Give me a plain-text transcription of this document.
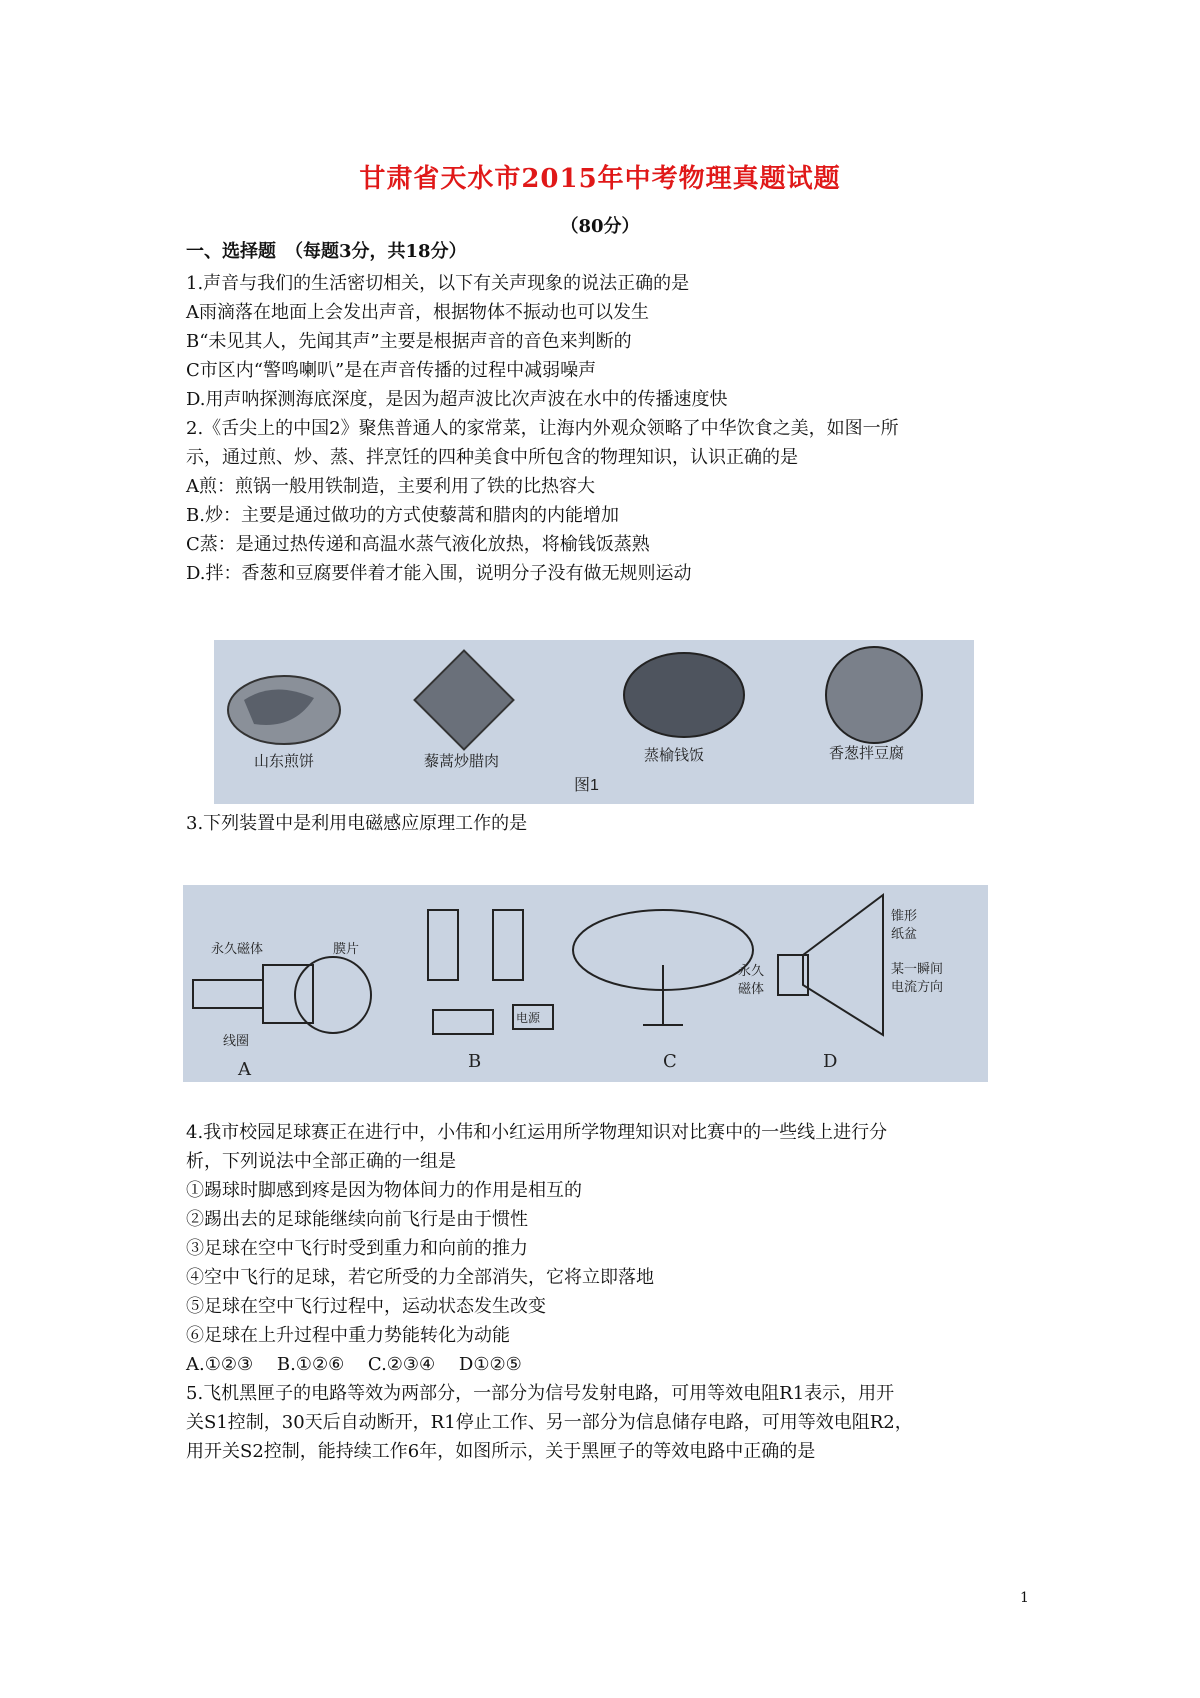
甘肃省天水市2015年中考物理真题试题
（80分）
一、选择题　（每题3分，共18分）
1.声音与我们的生活密切相关，以下有关声现象的说法正确的是
A雨滴落在地面上会发出声音，根据物体不振动也可以发生
B“未见其人，先闻其声”主要是根据声音的音色来判断的
C市区内“警鸣喇叭”是在声音传播的过程中减弱噪声
D.用声呐探测海底深度，是因为超声波比次声波在水中的传播速度快
2.《舌尖上的中国2》聚焦普通人的家常菜，让海内外观众领略了中华饮食之美，如图一所
示，通过煎、炒、蒸、拌烹饪的四种美食中所包含的物理知识，认识正确的是
A煎：煎锅一般用铁制造，主要利用了铁的比热容大
B.炒：主要是通过做功的方式使藜蒿和腊肉的内能增加
C蒸：是通过热传递和高温水蒸气液化放热，将榆钱饭蒸熟
D.拌：香葱和豆腐要伴着才能入围，说明分子没有做无规则运动
山东煎饼	藜蒿炒腊肉	蒸榆钱饭	香葱拌豆腐
图1
3.下列装置中是利用电磁感应原理工作的是
永久磁体	膜片
线圈
A
电源
B	C
锥形纸盆
永久磁体
某一瞬间电流方向
D
4.我市校园足球赛正在进行中，小伟和小红运用所学物理知识对比赛中的一些线上进行分
析，下列说法中全部正确的一组是
①踢球时脚感到疼是因为物体间力的作用是相互的
②踢出去的足球能继续向前飞行是由于惯性
③足球在空中飞行时受到重力和向前的推力
④空中飞行的足球，若它所受的力全部消失，它将立即落地
⑤足球在空中飞行过程中，运动状态发生改变
⑥足球在上升过程中重力势能转化为动能
A.①②③　 B.①②⑥　 C.②③④　 D①②⑤
5.飞机黑匣子的电路等效为两部分，一部分为信号发射电路，可用等效电阻R1表示，用开
关S1控制，30天后自动断开，R1停止工作、另一部分为信息储存电路，可用等效电阻R2，
用开关S2控制，能持续工作6年，如图所示，关于黑匣子的等效电路中正确的是
1
